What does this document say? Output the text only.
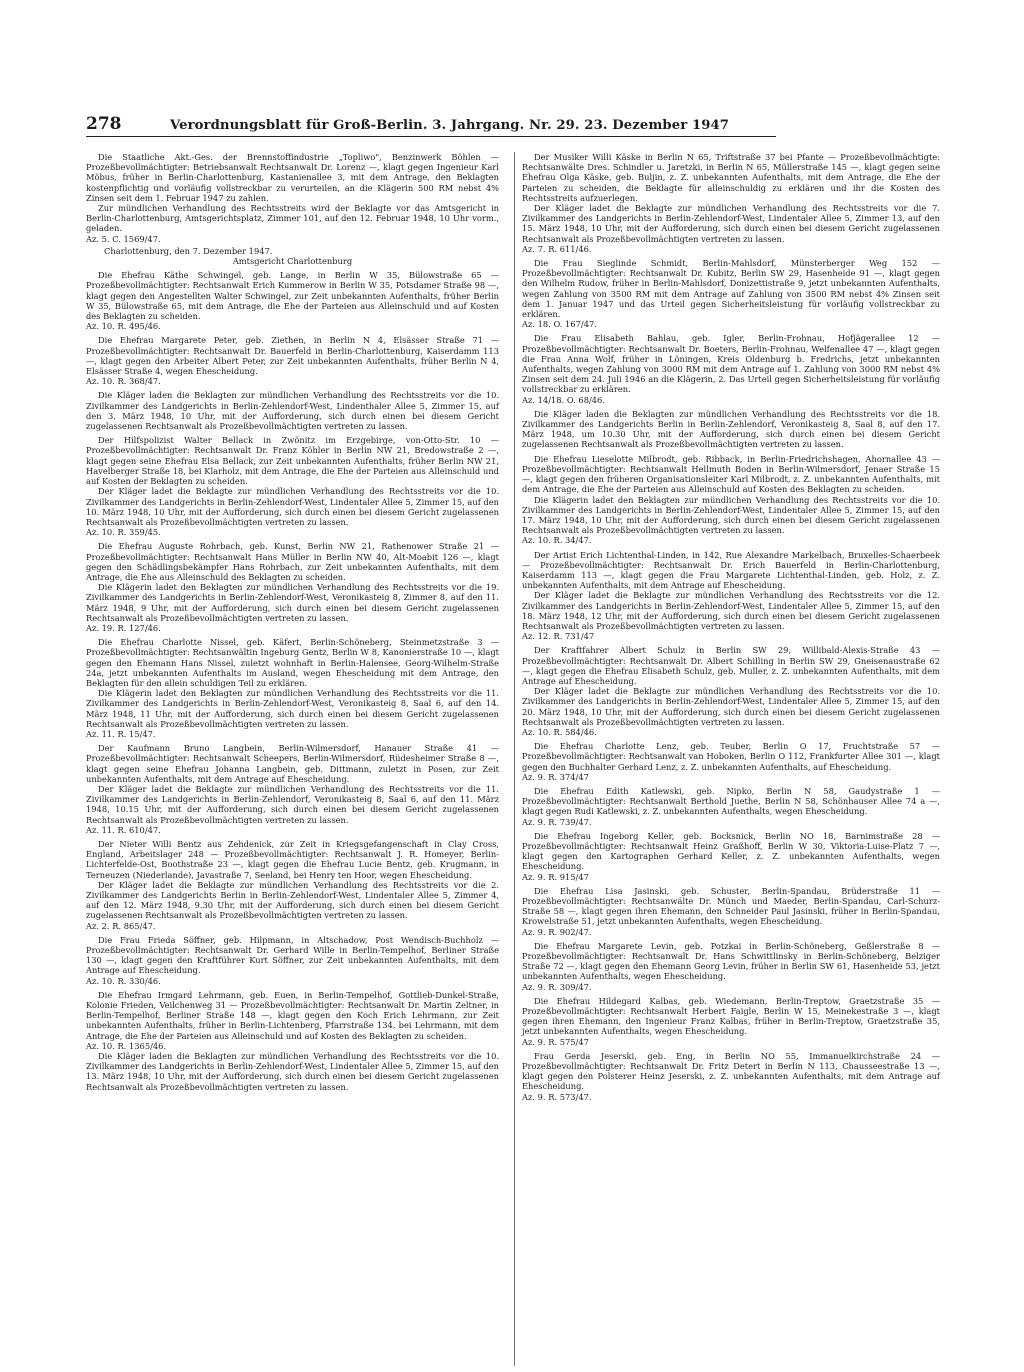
278	Verordnungsblatt für Groß-Berlin. 3. Jahrgang. Nr. 29. 23. Dezember 1947

Die Staatliche Akt.-Ges. der Brennstoffindustrie „Topliwo", Benzinwerk Böhlen — Prozeßbevollmächtigter: Betriebsanwalt Rechtsanwalt Dr. Lorenz —, klagt gegen Ingenieur Karl Möbus, früher in Berlin-Charlottenburg, Kastanienallee 3, mit dem Antrage, den Beklagten kostenpflichtig und vorläufig vollstreckbar zu verurteilen, an die Klägerin 500 RM nebst 4% Zinsen seit dem 1. Februar 1947 zu zahlen.

Zur mündlichen Verhandlung des Rechtsstreits wird der Beklagte vor das Amtsgericht in Berlin-Charlottenburg, Amtsgerichtsplatz, Zimmer 101, auf den 12. Februar 1948, 10 Uhr vorm., geladen.

Az. 5. C. 1569/47.

Charlottenburg, den 7. Dezember 1947.

Amtsgericht Charlottenburg

Die Ehefrau Käthe Schwingel, geb. Lange, in Berlin W 35, Bülowstraße 65 — Prozeßbevollmächtigter: Rechtsanwalt Erich Kummerow in Berlin W 35, Potsdamer Straße 98 —, klagt gegen den Angestellten Walter Schwingel, zur Zeit unbekannten Aufenthalts, früher Berlin W 35, Bülowstraße 65, mit dem Antrage, die Ehe der Parteien aus Alleinschuld und auf Kosten des Beklagten zu scheiden.

Az. 10. R. 495/46.

Die Ehefrau Margarete Peter, geb. Ziethen, in Berlin N 4, Elsässer Straße 71 — Prozeßbevollmächtigter: Rechtsanwalt Dr. Bauerfeld in Berlin-Charlottenburg, Kaiserdamm 113 —, klagt gegen den Arbeiter Albert Peter, zur Zeit unbekannten Aufenthalts, früher Berlin N 4, Elsässer Straße 4, wegen Ehescheidung.

Az. 10. R. 368/47.

Die Kläger laden die Beklagten zur mündlichen Verhandlung des Rechtsstreits vor die 10. Zivilkammer des Landgerichts in Berlin-Zehlendorf-West, Lindenthaler Allee 5, Zimmer 15, auf den 3. März 1948, 10 Uhr, mit der Aufforderung, sich durch einen bei diesem Gericht zugelassenen Rechtsanwalt als Prozeßbevollmächtigten vertreten zu lassen.

Der Hilfspolizist Walter Bellack in Zwönitz im Erzgebirge, von-Otto-Str. 10 — Prozeßbevollmächtigter: Rechtsanwalt Dr. Franz Köhler in Berlin NW 21, Bredowstraße 2 —, klagt gegen seine Ehefrau Elsa Bellack, zur Zeit unbekannten Aufenthalts, früher Berlin NW 21, Havelberger Straße 18, bei Klarholz, mit dem Antrage, die Ehe der Parteien aus Alleinschuld und auf Kosten der Beklagten zu scheiden.

Der Kläger ladet die Beklagte zur mündlichen Verhandlung des Rechtsstreits vor die 10. Zivilkammer des Landgerichts in Berlin-Zehlendorf-West, Lindentaler Allee 5, Zimmer 15, auf den 10. März 1948, 10 Uhr, mit der Aufforderung, sich durch einen bei diesem Gericht zugelassenen Rechtsanwalt als Prozeßbevollmächtigten vertreten zu lassen.

Az. 10. R. 359/45.

Die Ehefrau Auguste Rohrbach, geb. Kunst, Berlin NW 21, Rathenower Straße 21 — Prozeßbevollmächtigter: Rechtsanwalt Hans Müller in Berlin NW 40, Alt-Moabit 126 —, klagt gegen den Schädlingsbekämpfer Hans Rohrbach, zur Zeit unbekannten Aufenthalts, mit dem Antrage, die Ehe aus Alleinschuld des Beklagten zu scheiden.

Die Klägerin ladet den Beklagten zur mündlichen Verhandlung des Rechtsstreits vor die 19. Zivilkammer des Landgerichts in Berlin-Zehlendorf-West, Veronikasteig 8, Zimmer 8, auf den 11. März 1948, 9 Uhr, mit der Aufforderung, sich durch einen bei diesem Gericht zugelassenen Rechtsanwalt als Prozeßbevollmächtigten vertreten zu lassen.

Az. 19. R. 127/46.

Die Ehefrau Charlotte Nissel, geb. Käfert, Berlin-Schöneberg, Steinmetzstraße 3 — Prozeßbevollmächtigter: Rechtsanwältin Ingeburg Gentz, Berlin W 8, Kanonierstraße 10 —, klagt gegen den Ehemann Hans Nissel, zuletzt wohnhaft in Berlin-Halensee, Georg-Wilhelm-Straße 24a, jetzt unbekannten Aufenthalts im Ausland, wegen Ehescheidung mit dem Antrage, den Beklagten für den allein schuldigen Teil zu erklären.

Die Klägerin ladet den Beklagten zur mündlichen Verhandlung des Rechtsstreits vor die 11. Zivilkammer des Landgerichts in Berlin-Zehlendorf-West, Veronikasteig 8, Saal 6, auf den 14. März 1948, 11 Uhr, mit der Aufforderung, sich durch einen bei diesem Gericht zugelassenen Rechtsanwalt als Prozeßbevollmächtigten vertreten zu lassen.

Az. 11. R. 15/47.

Der Kaufmann Bruno Langbein, Berlin-Wilmersdorf, Hanauer Straße 41 — Prozeßbevollmächtigter: Rechtsanwalt Scheepers, Berlin-Wilmersdorf, Rüdesheimer Straße 8 —, klagt gegen seine Ehefrau Johanna Langbein, geb. Dittmann, zuletzt in Posen, zur Zeit unbekannten Aufenthalts, mit dem Antrage auf Ehescheidung.

Der Kläger ladet die Beklagte zur mündlichen Verhandlung des Rechtsstreits vor die 11. Zivilkammer des Landgerichts in Berlin-Zehlendorf, Veronikasteig 8, Saal 6, auf den 11. März 1948, 10.15 Uhr, mit der Aufforderung, sich durch einen bei diesem Gericht zugelassenen Rechtsanwalt als Prozeßbevollmächtigten vertreten zu lassen.

Az. 11. R. 610/47.

Der Nieter Willi Bentz aus Zehdenick, zur Zeit in Kriegsgefangenschaft in Clay Cross, England, Arbeitslager 248 — Prozeßbevollmächtigter: Rechtsanwalt J. R. Homeyer, Berlin-Lichterfelde-Ost, Boothstraße 23 —, klagt gegen die Ehefrau Lucie Bentz, geb. Krugmann, in Terneuzen (Niederlande), Javastraße 7, Seeland, bei Henry ten Hoor, wegen Ehescheidung.

Der Kläger ladet die Beklagte zur mündlichen Verhandlung des Rechtsstreits vor die 2. Zivilkammer des Landgerichts Berlin in Berlin-Zehlendorf-West, Lindentaler Allee 5, Zimmer 4, auf den 12. März 1948, 9.30 Uhr, mit der Aufforderung, sich durch einen bei diesem Gericht zugelassenen Rechtsanwalt als Prozeßbevollmächtigten vertreten zu lassen.

Az. 2. R. 865/47.

Die Frau Frieda Söffner, geb. Hilpmann, in Altschadow, Post Wendisch-Buchholz — Prozeßbevollmächtigter: Rechtsanwalt Dr. Gerhard Wille in Berlin-Tempelhof, Berliner Straße 130 —, klagt gegen den Kraftführer Kurt Söffner, zur Zeit unbekannten Aufenthalts, mit dem Antrage auf Ehescheidung.

Az. 10. R. 330/46.

Die Ehefrau Irmgard Lehrmann, geb. Euen, in Berlin-Tempelhof, Gottlieb-Dunkel-Straße, Kolonie Frieden, Veilchenweg 31 — Prozeßbevollmächtigter: Rechtsanwalt Dr. Martin Zeltner, in Berlin-Tempelhof, Berliner Straße 148 —, klagt gegen den Koch Erich Lehrmann, zur Zeit unbekannten Aufenthalts, früher in Berlin-Lichtenberg, Pfarrstraße 134, bei Lehrmann, mit dem Antrage, die Ehe der Parteien aus Alleinschuld und auf Kosten des Beklagten zu scheiden.

Az. 10. R. 1365/46.

Die Kläger laden die Beklagten zur mündlichen Verhandlung des Rechtsstreits vor die 10. Zivilkammer des Landgerichts in Berlin-Zehlendorf-West, Lindentaler Allee 5, Zimmer 15, auf den 13. März 1948, 10 Uhr, mit der Aufforderung, sich durch einen bei diesem Gericht zugelassenen Rechtsanwalt als Prozeßbevollmächtigten vertreten zu lassen.

Der Musiker Willi Käske in Berlin N 65, Triftstraße 37 bei Pfante — Prozeßbevollmächtigte: Rechtsanwälte Dres. Schindler u. Jaretzki, in Berlin N 65, Müllerstraße 145 —, klagt gegen seine Ehefrau Olga Käske, geb. Buljin, z. Z. unbekannten Aufenthalts, mit dem Antrage, die Ehe der Parteien zu scheiden, die Beklagte für alleinschuldig zu erklären und ihr die Kosten des Rechtsstreits aufzuerlegen.

Der Kläger ladet die Beklagte zur mündlichen Verhandlung des Rechtsstreits vor die 7. Zivilkammer des Landgerichts in Berlin-Zehlendorf-West, Lindentaler Allee 5, Zimmer 13, auf den 15. März 1948, 10 Uhr, mit der Aufforderung, sich durch einen bei diesem Gericht zugelassenen Rechtsanwalt als Prozeßbevollmächtigten vertreten zu lassen.

Az. 7. R. 611/46.

Die Frau Sieglinde Schmidt, Berlin-Mahlsdorf, Münsterberger Weg 152 — Prozeßbevollmächtigter: Rechtsanwalt Dr. Kubitz, Berlin SW 29, Hasenheide 91 —, klagt gegen den Wilhelm Rudow, früher in Berlin-Mahlsdorf, Donizettistraße 9, jetzt unbekannten Aufenthalts, wegen Zahlung von 3500 RM mit dem Antrage auf Zahlung von 3500 RM nebst 4% Zinsen seit dem 1. Januar 1947 und das Urteil gegen Sicherheitsleistung für vorläufig vollstreckbar zu erklären.

Az. 18. O. 167/47.

Die Frau Elisabeth Bahlau, geb. Igler, Berlin-Frohnau, Hofjägerallee 12 — Prozeßbevollmächtigter: Rechtsanwalt Dr. Boeters, Berlin-Frohnau, Welfenallee 47 —, klagt gegen die Frau Anna Wolf, früher in Löningen, Kreis Oldenburg b. Fredrichs, jetzt unbekannten Aufenthalts, wegen Zahlung von 3000 RM mit dem Antrage auf 1. Zahlung von 3000 RM nebst 4% Zinsen seit dem 24. Juli 1946 an die Klägerin, 2. Das Urteil gegen Sicherheitsleistung für vorläufig vollstreckbar zu erklären.

Az. 14/18. O. 68/46.

Die Kläger laden die Beklagten zur mündlichen Verhandlung des Rechtsstreits vor die 18. Zivilkammer des Landgerichts Berlin in Berlin-Zehlendorf, Veronikasteig 8, Saal 8, auf den 17. März 1948, um 10.30 Uhr, mit der Aufforderung, sich durch einen bei diesem Gericht zugelassenen Rechtsanwalt als Prozeßbevollmächtigten vertreten zu lassen.

Die Ehefrau Lieselotte Milbrodt, geb. Ribback, in Berlin-Friedrichshagen, Ahornallee 43 — Prozeßbevollmächtigter: Rechtsanwalt Hellmuth Boden in Berlin-Wilmersdorf, Jenaer Straße 15 —, klagt gegen den früheren Organisationsleiter Karl Milbrodt, z. Z. unbekannten Aufenthalts, mit dem Antrage, die Ehe der Parteien aus Alleinschuld auf Kosten des Beklagten zu scheiden.

Die Klägerin ladet den Beklagten zur mündlichen Verhandlung des Rechtsstreits vor die 10. Zivilkammer des Landgerichts in Berlin-Zehlendorf-West, Lindentaler Allee 5, Zimmer 15, auf den 17. März 1948, 10 Uhr, mit der Aufforderung, sich durch einen bei diesem Gericht zugelassenen Rechtsanwalt als Prozeßbevollmächtigten vertreten zu lassen.

Az. 10. R. 34/47.

Der Artist Erich Lichtenthal-Linden, in 142, Rue Alexandre Markelbach, Bruxelles-Schaerbeek — Prozeßbevollmächtigter: Rechtsanwalt Dr. Erich Bauerfeld in Berlin-Charlottenburg, Kaiserdamm 113 —, klagt gegen die Frau Margarete Lichtenthal-Linden, geb. Holz, z. Z. unbekannten Aufenthalts, mit dem Antrage auf Ehescheidung.

Der Kläger ladet die Beklagte zur mündlichen Verhandlung des Rechtsstreits vor die 12. Zivilkammer des Landgerichts in Berlin-Zehlendorf-West, Lindentaler Allee 5, Zimmer 15, auf den 18. März 1948, 12 Uhr, mit der Aufforderung, sich durch einen bei diesem Gericht zugelassenen Rechtsanwalt als Prozeßbevollmächtigten vertreten zu lassen.

Az. 12. R. 731/47

Der Kraftfahrer Albert Schulz in Berlin SW 29, Willibald-Alexis-Straße 43 — Prozeßbevollmächtigter: Rechtsanwalt Dr. Albert Schilling in Berlin SW 29, Gneisenaustraße 62 —, klagt gegen die Ehefrau Elisabeth Schulz, geb. Muller, z. Z. unbekannten Aufenthalts, mit dem Antrage auf Ehescheidung.

Der Kläger ladet die Beklagte zur mündlichen Verhandlung des Rechtsstreits vor die 10. Zivilkammer des Landgerichts in Berlin-Zehlendorf-West, Lindentaler Allee 5, Zimmer 15, auf den 20. März 1948, 10 Uhr, mit der Aufforderung, sich durch einen bei diesem Gericht zugelassenen Rechtsanwalt als Prozeßbevollmächtigten vertreten zu lassen.

Az. 10. R. 584/46.

Die Ehefrau Charlotte Lenz, geb. Teuber, Berlin O 17, Fruchtstraße 57 — Prozeßbevollmächtigter: Rechtsanwalt van Hoboken, Berlin O 112, Frankfurter Allee 301 —, klagt gegen den Buchhalter Gerhard Lenz, z. Z. unbekannten Aufenthalts, auf Ehescheidung.

Az. 9. R. 374/47

Die Ehefrau Edith Katlewski, geb. Nipko, Berlin N 58, Gaudystraße 1 — Prozeßbevollmächtigter: Rechtsanwalt Berthold Juethe, Berlin N 58, Schönhauser Allee 74 a —, klagt gegen Rudi Katlewski, z. Z. unbekannten Aufenthalts, wegen Ehescheidung.

Az. 9. R. 739/47.

Die Ehefrau Ingeborg Keller, geb. Bocksnick, Berlin NO 18, Barnimstraße 28 — Prozeßbevollmächtigter: Rechtsanwalt Heinz Graßhoff, Berlin W 30, Viktoria-Luise-Platz 7 —, klagt gegen den Kartographen Gerhard Keller, z. Z. unbekannten Aufenthalts, wegen Ehescheidung.

Az. 9. R. 915/47

Die Ehefrau Lisa Jasinski, geb. Schuster, Berlin-Spandau, Brüderstraße 11 — Prozeßbevollmächtigter: Rechtsanwälte Dr. Münch und Maeder, Berlin-Spandau, Carl-Schurz-Straße 58 —, klagt gegen ihren Ehemann, den Schneider Paul Jasinski, früher in Berlin-Spandau, Krowelstraße 51, jetzt unbekannten Aufenthalts, wegen Ehescheidung.

Az. 9. R. 902/47.

Die Ehefrau Margarete Levin, geb. Potzkai in Berlin-Schöneberg, Geßlerstraße 8 — Prozeßbevollmächtigter: Rechtsanwalt Dr. Hans Schwittlinsky in Berlin-Schöneberg, Belziger Straße 72 —, klagt gegen den Ehemann Georg Levin, früher in Berlin SW 61, Hasenheide 53, jetzt unbekannten Aufenthalts, wegen Ehescheidung.

Az. 9. R. 309/47.

Die Ehefrau Hildegard Kalbas, geb. Wiedemann, Berlin-Treptow, Graetzstraße 35 — Prozeßbevollmächtigter: Rechtsanwalt Herbert Faigle, Berlin W 15, Meinekestraße 3 —, klagt gegen ihren Ehemann, den Ingenieur Franz Kalbas, früher in Berlin-Treptow, Graetzstraße 35, jetzt unbekannten Aufenthalts, wegen Ehescheidung.

Az. 9. R. 575/47

Frau Gerda Jeserski, geb. Eng, in Berlin NO 55, Immanuelkirchstraße 24 — Prozeßbevollmächtigter: Rechtsanwalt Dr. Fritz Detert in Berlin N 113, Chausseestraße 13 —, klagt gegen den Polsterer Heinz Jeserski, z. Z. unbekannten Aufenthalts, mit dem Antrage auf Ehescheidung.

Az. 9. R. 573/47.
